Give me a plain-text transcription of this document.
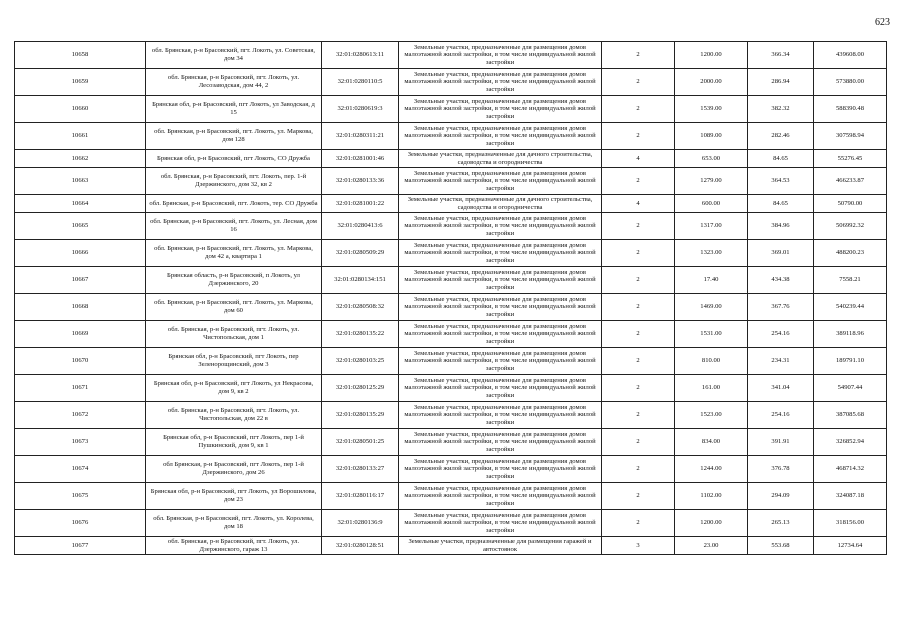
623
10658	обл. Брянская, р-н Брасовский, пгт. Локоть, ул. Советская, дом 34	32:01:0280613:11	Земельные участки, предназначенные для размещения домов малоэтажной жилой застройки, в том числе индивидуальной жилой застройки	2	1200.00	366.34	439608.00
10659	обл. Брянская, р-н Брасовский, пгт. Локоть, ул. Лесозаводская, дом 44, 2	32:01:0280110:5	Земельные участки, предназначенные для размещения домов малоэтажной жилой застройки, в том числе индивидуальной жилой застройки	2	2000.00	286.94	573880.00
10660	Брянская обл, р-н Брасовский, пгт Локоть, ул Заводская, д 15	32:01:0280619:3	Земельные участки, предназначенные для размещения домов малоэтажной жилой застройки, в том числе индивидуальной жилой застройки	2	1539.00	382.32	588390.48
10661	обл. Брянская, р-н Брасовский, пгт. Локоть, ул. Маркова, дом 128	32:01:0280311:21	Земельные участки, предназначенные для размещения домов малоэтажной жилой застройки, в том числе индивидуальной жилой застройки	2	1089.00	282.46	307598.94
10662	Брянская обл, р-н Брасовский, пгт Локоть, СО Дружба	32:01:0281001:46	Земельные участки, предназначенные для дачного строительства, садоводства и огородничества	4	653.00	84.65	55276.45
10663	обл. Брянская, р-н Брасовский, пгт. Локоть, пер. 1-й Дзержинского, дом 32, кв 2	32:01:0280133:36	Земельные участки, предназначенные для размещения домов малоэтажной жилой застройки, в том числе индивидуальной жилой застройки	2	1279.00	364.53	466233.87
10664	обл. Брянская, р-н Брасовский, пгт. Локоть, тер. СО Дружба	32:01:0281001:22	Земельные участки, предназначенные для дачного строительства, садоводства и огородничества	4	600.00	84.65	50790.00
10665	обл. Брянская, р-н Брасовский, пгт. Локоть, ул. Лесная, дом 16	32:01:0280413:6	Земельные участки, предназначенные для размещения домов малоэтажной жилой застройки, в том числе индивидуальной жилой застройки	2	1317.00	384.96	506992.32
10666	обл. Брянская, р-н Брасовский, пгт. Локоть, ул. Маркова, дом 42 а, квартира 1	32:01:0280509:29	Земельные участки, предназначенные для размещения домов малоэтажной жилой застройки, в том числе индивидуальной жилой застройки	2	1323.00	369.01	488200.23
10667	Брянская область, р-н Брасовский, п Локоть, ул Дзержинского, 20	32:01:0280134:151	Земельные участки, предназначенные для размещения домов малоэтажной жилой застройки, в том числе индивидуальной жилой застройки	2	17.40	434.38	7558.21
10668	обл. Брянская, р-н Брасовский, пгт. Локоть, ул. Маркова, дом 60	32:01:0280508:32	Земельные участки, предназначенные для размещения домов малоэтажной жилой застройки, в том числе индивидуальной жилой застройки	2	1469.00	367.76	540239.44
10669	обл. Брянская, р-н Брасовский, пгт. Локоть, ул. Чистопольская, дом 1	32:01:0280135:22	Земельные участки, предназначенные для размещения домов малоэтажной жилой застройки, в том числе индивидуальной жилой застройки	2	1531.00	254.16	389118.96
10670	Брянская обл, р-н Брасовский, пгт Локоть, пер Зеленорощинский, дом 3	32:01:0280103:25	Земельные участки, предназначенные для размещения домов малоэтажной жилой застройки, в том числе индивидуальной жилой застройки	2	810.00	234.31	189791.10
10671	Брянская обл, р-н Брасовский, пгт Локоть, ул Некрасова, дом 9, кв 2	32:01:0280125:29	Земельные участки, предназначенные для размещения домов малоэтажной жилой застройки, в том числе индивидуальной жилой застройки	2	161.00	341.04	54907.44
10672	обл. Брянская, р-н Брасовский, пгт. Локоть, ул. Чистопольская, дом 22 в	32:01:0280135:29	Земельные участки, предназначенные для размещения домов малоэтажной жилой застройки, в том числе индивидуальной жилой застройки	2	1523.00	254.16	387085.68
10673	Брянская обл, р-н Брасовский, пгт Локоть, пер 1-й Пушкинский, дом 9, кв 1	32:01:0280501:25	Земельные участки, предназначенные для размещения домов малоэтажной жилой застройки, в том числе индивидуальной жилой застройки	2	834.00	391.91	326852.94
10674	обл Брянская, р-н Брасовский, пгт Локоть, пер 1-й Дзержинского, дом 26	32:01:0280133:27	Земельные участки, предназначенные для размещения домов малоэтажной жилой застройки, в том числе индивидуальной жилой застройки	2	1244.00	376.78	468714.32
10675	Брянская обл, р-н Брасовский, пгт Локоть, ул Ворошилова, дом 23	32:01:0280116:17	Земельные участки, предназначенные для размещения домов малоэтажной жилой застройки, в том числе индивидуальной жилой застройки	2	1102.00	294.09	324087.18
10676	обл. Брянская, р-н Брасовский, пгт. Локоть, ул. Королева, дом 18	32:01:0280136:9	Земельные участки, предназначенные для размещения домов малоэтажной жилой застройки, в том числе индивидуальной жилой застройки	2	1200.00	265.13	318156.00
10677	обл. Брянская, р-н Брасовский, пгт. Локоть, ул. Дзержинского, гараж 13	32:01:0280128:51	Земельные участки, предназначенные для размещения гаражей и автостоянок	3	23.00	553.68	12734.64
